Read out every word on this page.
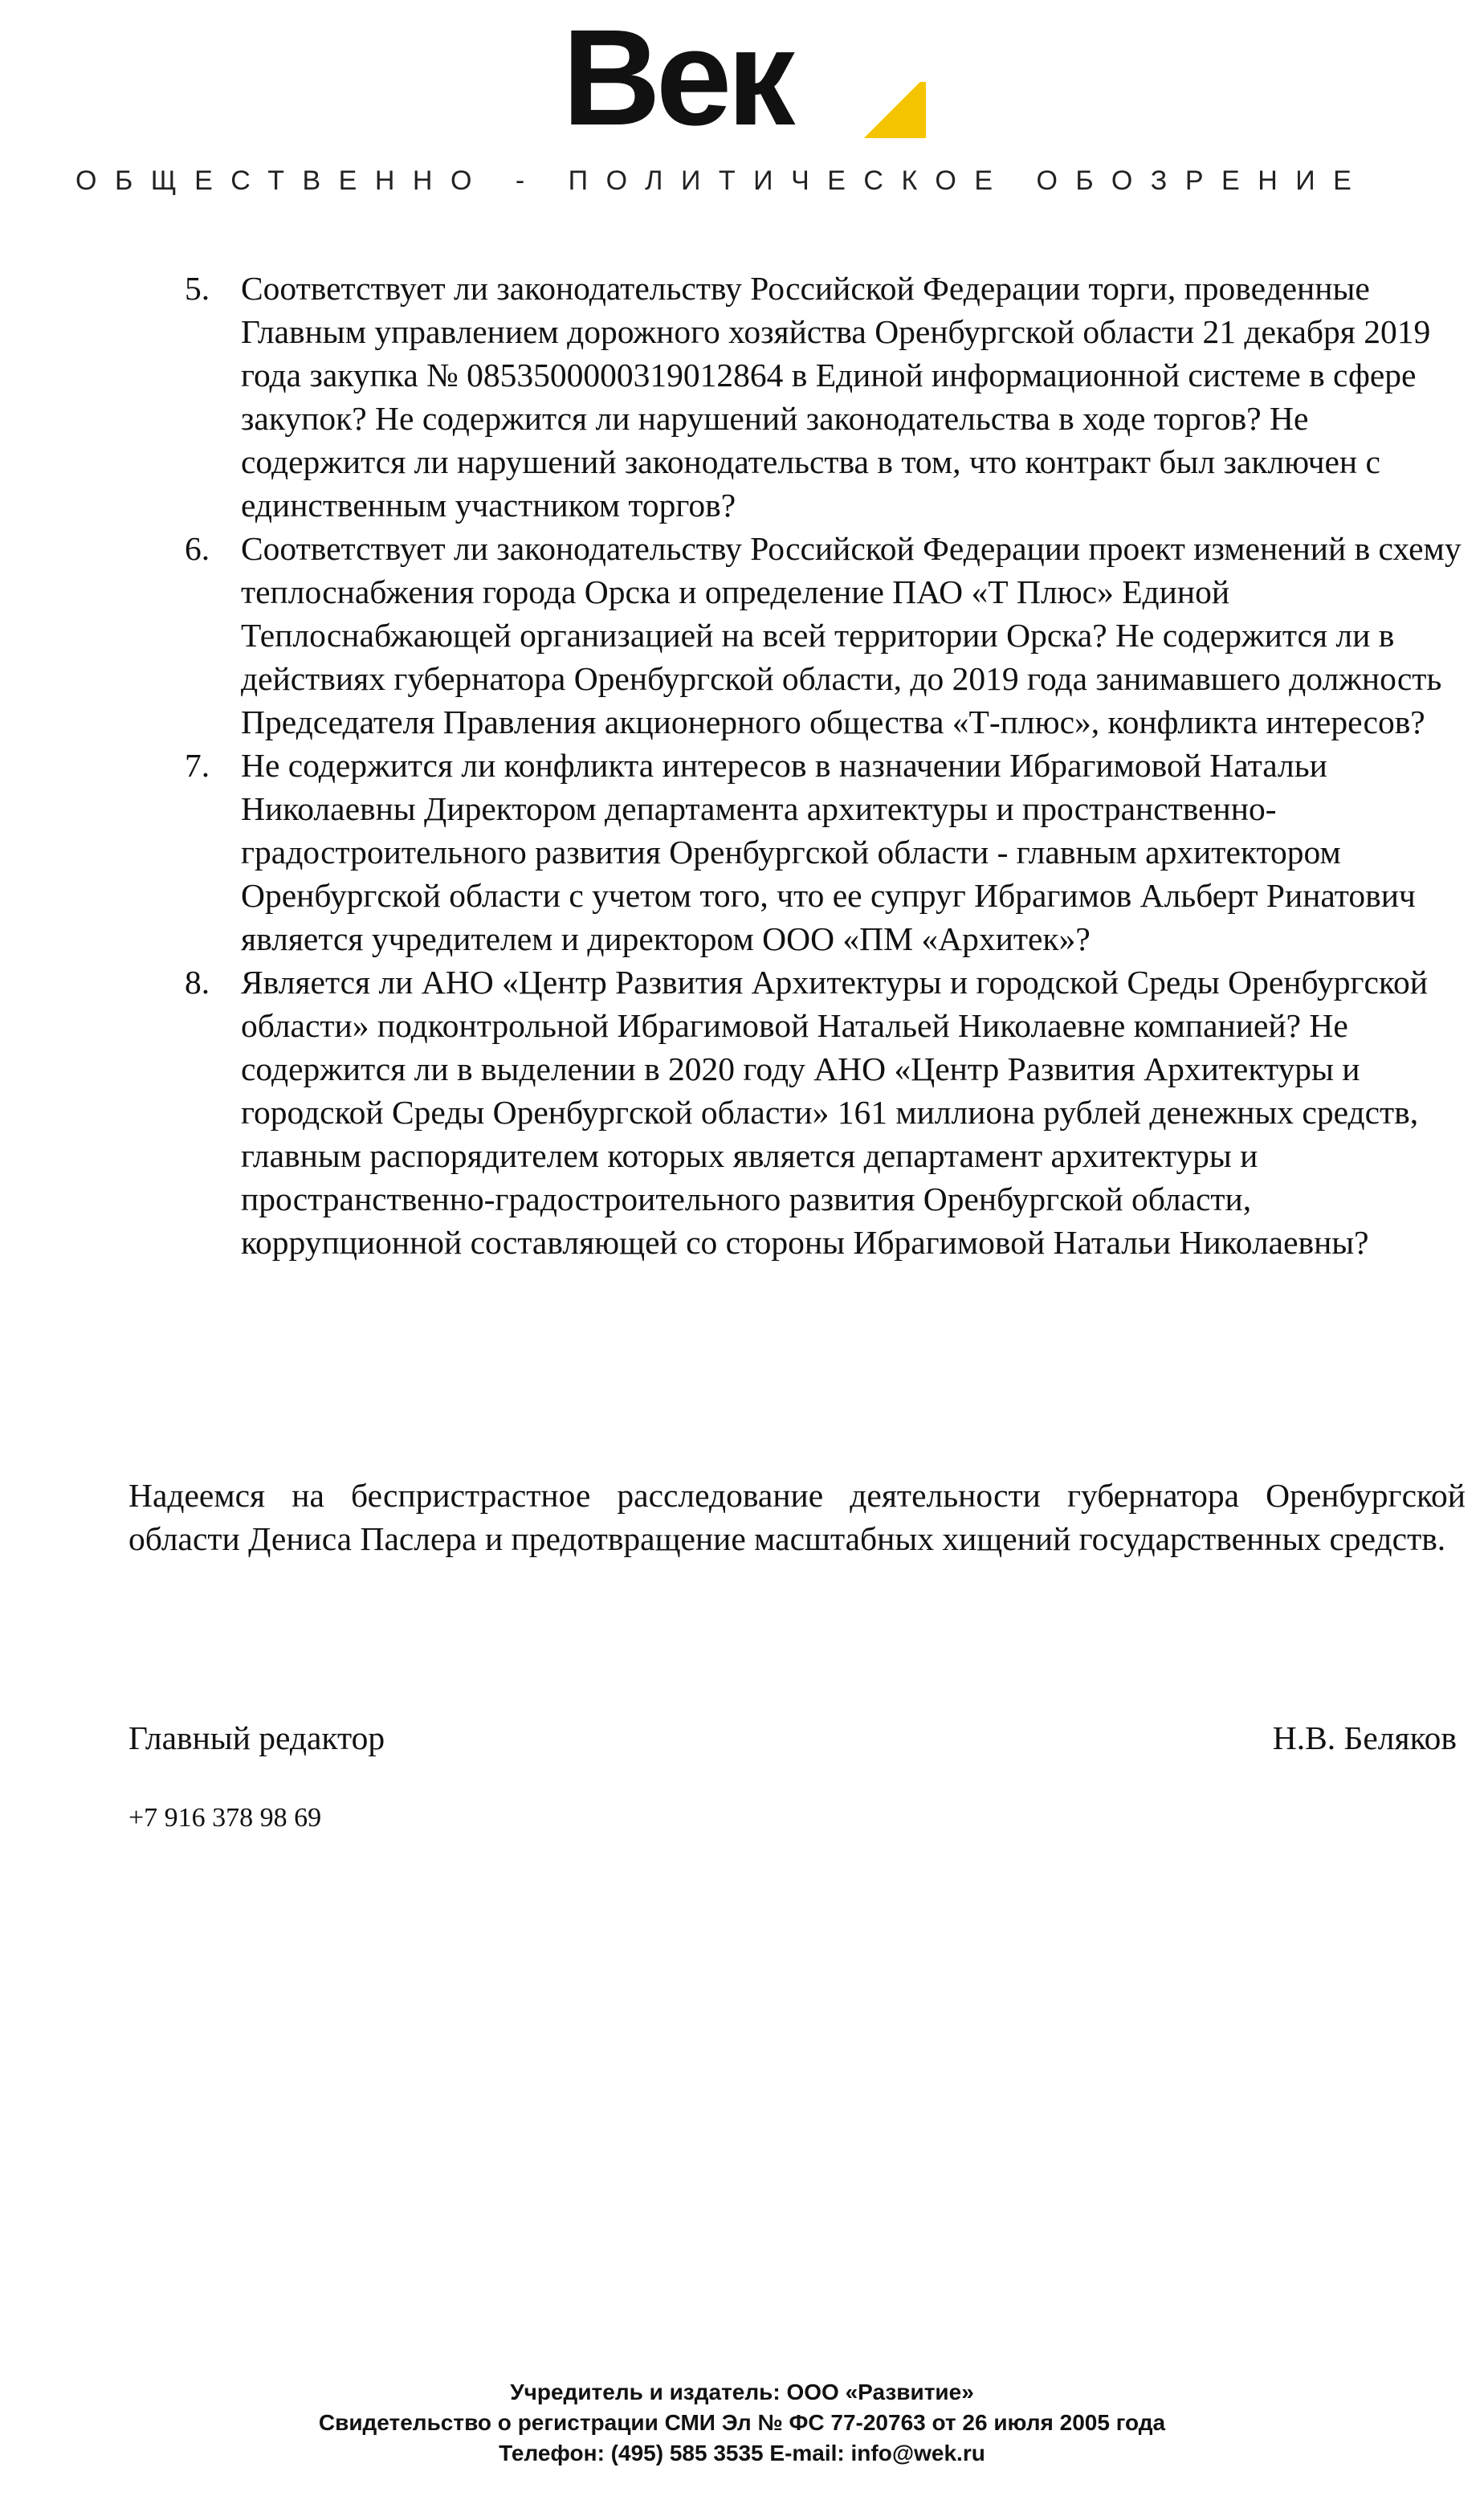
Век
ОБЩЕСТВЕННО - ПОЛИТИЧЕСКОЕ ОБОЗРЕНИЕ
5. Соответствует ли законодательству Российской Федерации торги, проведенные Главным управлением дорожного хозяйства Оренбургской области 21 декабря 2019 года закупка № 0853500000319012864 в Единой информационной системе в сфере закупок? Не содержится ли нарушений законодательства в ходе торгов? Не содержится ли нарушений законодательства в том, что контракт был заключен с единственным участником торгов?
6. Соответствует ли законодательству Российской Федерации проект изменений в схему теплоснабжения города Орска и определение ПАО «Т Плюс» Единой Теплоснабжающей организацией на всей территории Орска? Не содержится ли в действиях губернатора Оренбургской области, до 2019 года занимавшего должность Председателя Правления акционерного общества «Т-плюс», конфликта интересов?
7. Не содержится ли конфликта интересов в назначении Ибрагимовой Натальи Николаевны Директором департамента архитектуры и пространственно-градостроительного развития Оренбургской области - главным архитектором Оренбургской области с учетом того, что ее супруг Ибрагимов Альберт Ринатович является учредителем и директором ООО «ПМ «Архитек»?
8. Является ли АНО «Центр Развития Архитектуры и городской Среды Оренбургской области» подконтрольной Ибрагимовой Натальей Николаевне компанией? Не содержится ли в выделении в 2020 году АНО «Центр Развития Архитектуры и городской Среды Оренбургской области» 161 миллиона рублей денежных средств, главным распорядителем которых является департамент архитектуры и пространственно-градостроительного развития Оренбургской области, коррупционной составляющей со стороны Ибрагимовой Натальи Николаевны?
Надеемся на беспристрастное расследование деятельности губернатора Оренбургской области Дениса Паслера и предотвращение масштабных хищений государственных средств.
Главный редактор	Н.В. Беляков
+7 916 378 98 69
Учредитель и издатель: ООО «Развитие»
Свидетельство о регистрации СМИ Эл № ФС 77-20763 от 26 июля 2005 года
Телефон: (495) 585 3535 E-mail: info@wek.ru
